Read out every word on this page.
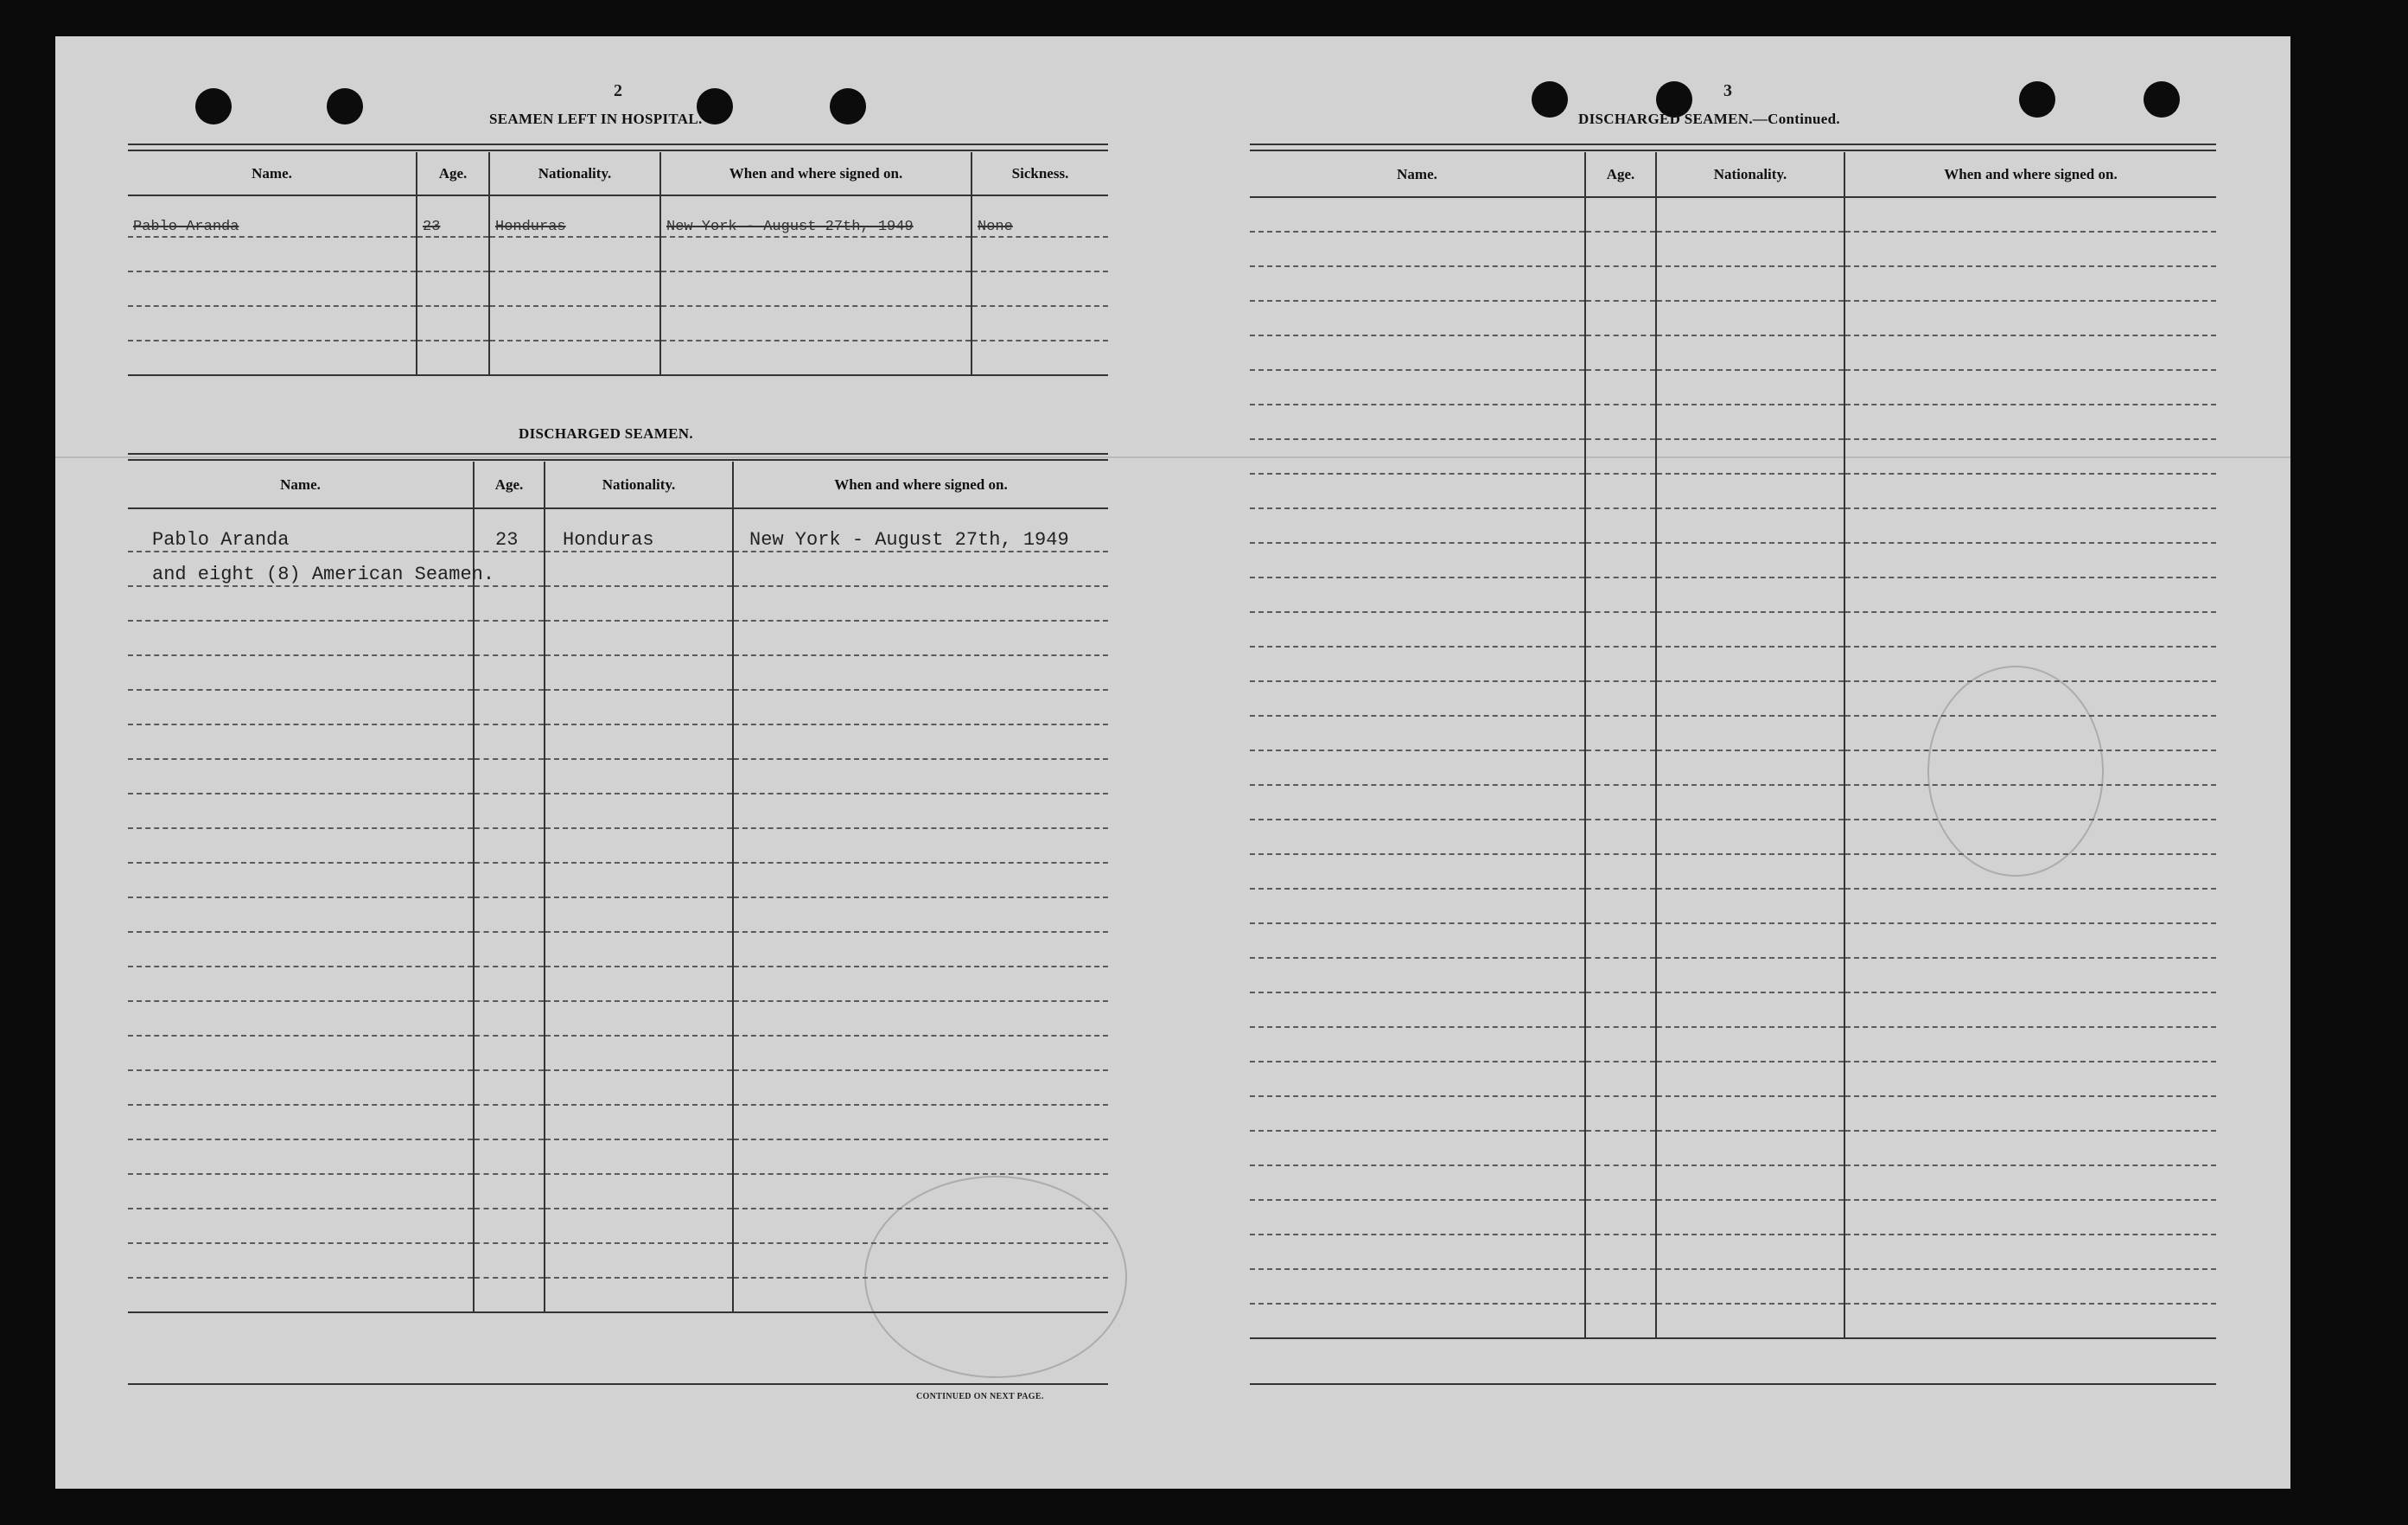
2
SEAMEN LEFT IN HOSPITAL.
Name.	Age.	Nationality.	When and where signed on.	Sickness.
Pablo Aranda	23	Honduras	New York - August 27th, 1949	None

DISCHARGED SEAMEN.
Name.	Age.	Nationality.	When and where signed on.
Pablo Aranda	23	Honduras	New York - August 27th, 1949
and eight (8) American Seamen.			

CONTINUED ON NEXT PAGE.
3
DISCHARGED SEAMEN.—Continued.
Name.	Age.	Nationality.	When and where signed on.
